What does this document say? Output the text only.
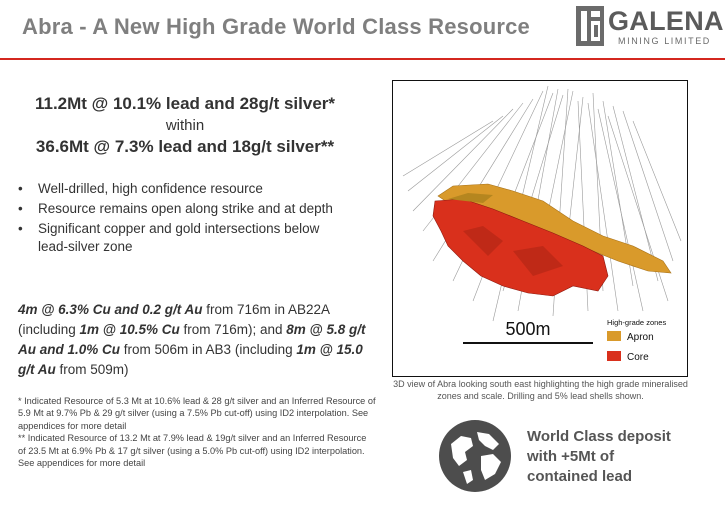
Abra - A New High Grade World Class Resource	GALENA
MINING LIMITED
11.2Mt @ 10.1% lead and 28g/t silver*
within
36.6Mt @ 7.3% lead and 18g/t silver**
• Well-drilled, high confidence resource
• Resource remains open along strike and at depth
• Significant copper and gold intersections below lead-silver zone
4m @ 6.3% Cu and 0.2 g/t Au from 716m in AB22A (including 1m @ 10.5% Cu from 716m); and 8m @ 5.8 g/t Au and 1.0% Cu from 506m in AB3 (including 1m @ 15.0 g/t Au from 509m)

* Indicated Resource of 5.3 Mt at 10.6% lead & 28 g/t silver and an Inferred Resource of 5.9 Mt at 9.7% Pb & 29 g/t silver (using a 7.5% Pb cut-off) using ID2 interpolation. See appendices for more detail

** Indicated Resource of 13.2 Mt at 7.9% lead & 19g/t silver and an Inferred Resource of 23.5 Mt at 6.9% Pb & 17 g/t silver (using a 5.0% Pb cut-off) using ID2 interpolation. See appendices for more detail

500m	High-grade zones
Apron
Core
3D view of Abra looking south east highlighting the high grade mineralised zones and scale. Drilling and 5% lead shells shown.
World Class deposit
with +5Mt of
contained lead
